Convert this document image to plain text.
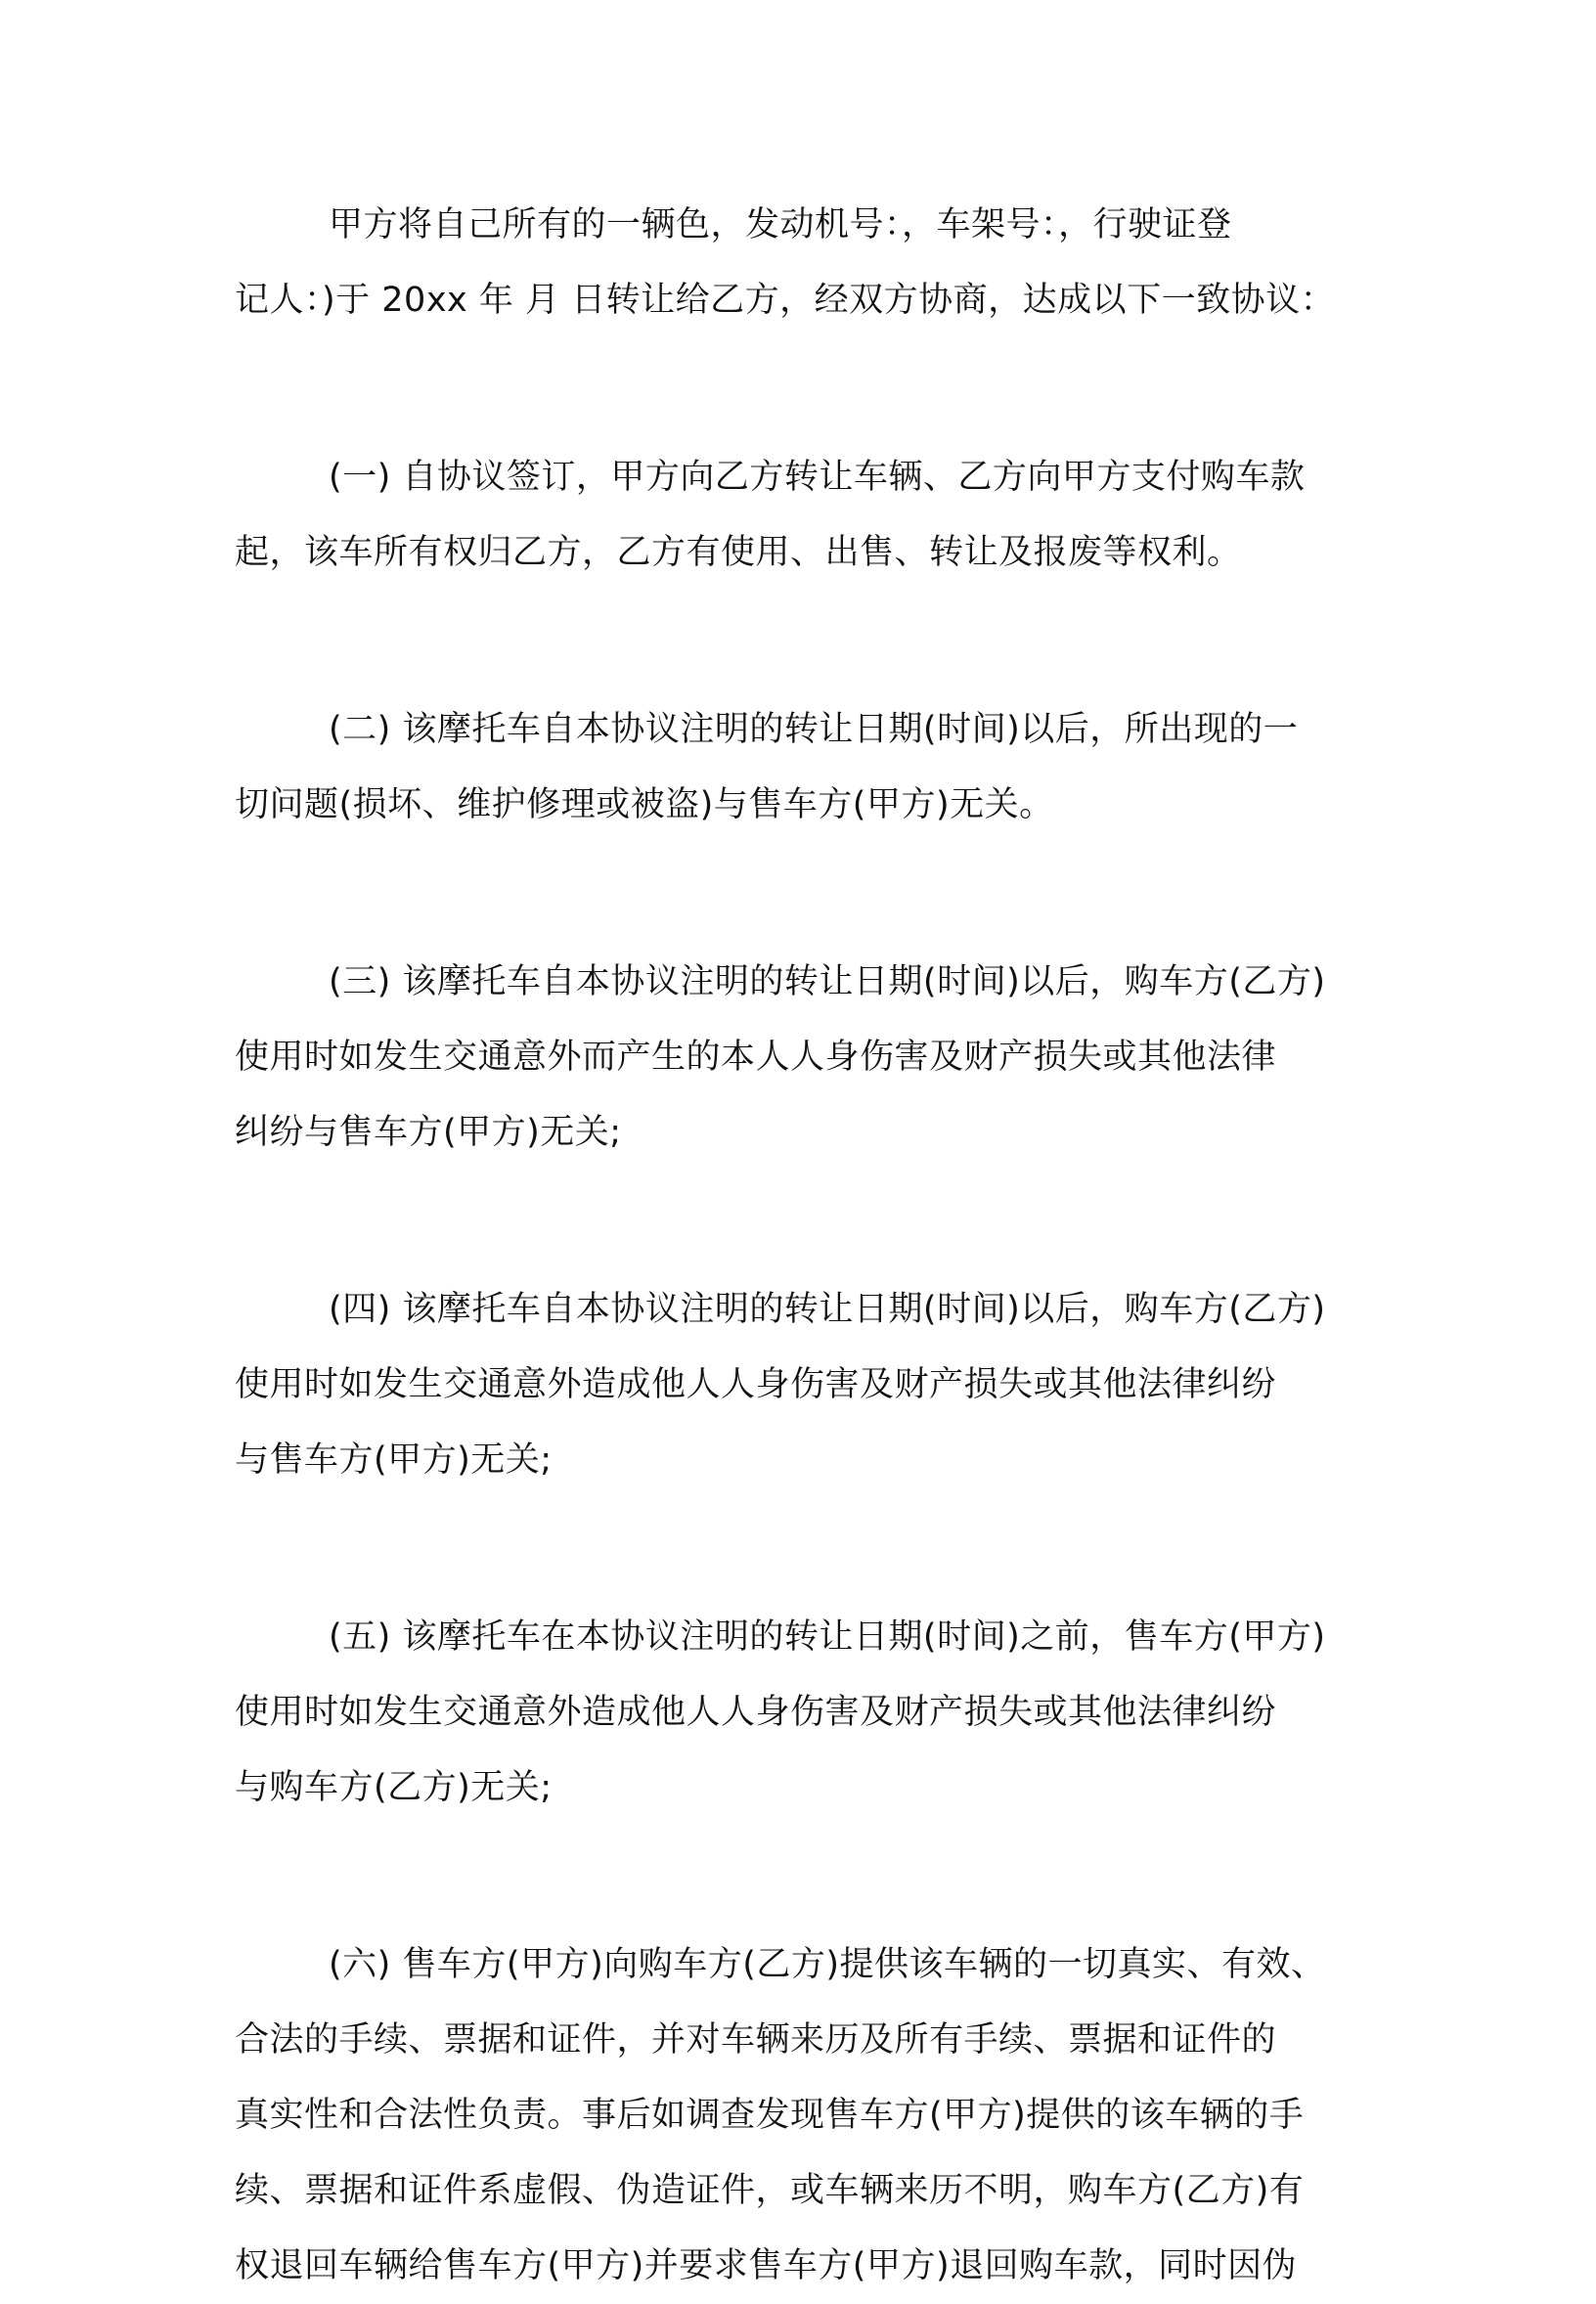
甲方将自己所有的一辆色，发动机号：，车架号：，行驶证登
记人：)于 20xx 年 月 日转让给乙方，经双方协商，达成以下一致协议：
(一) 自协议签订，甲方向乙方转让车辆、乙方向甲方支付购车款
起，该车所有权归乙方，乙方有使用、出售、转让及报废等权利。
(二) 该摩托车自本协议注明的转让日期(时间)以后，所出现的一
切问题(损坏、维护修理或被盗)与售车方(甲方)无关。
(三) 该摩托车自本协议注明的转让日期(时间)以后，购车方(乙方)
使用时如发生交通意外而产生的本人人身伤害及财产损失或其他法律
纠纷与售车方(甲方)无关;
(四) 该摩托车自本协议注明的转让日期(时间)以后，购车方(乙方)
使用时如发生交通意外造成他人人身伤害及财产损失或其他法律纠纷
与售车方(甲方)无关;
(五) 该摩托车在本协议注明的转让日期(时间)之前，售车方(甲方)
使用时如发生交通意外造成他人人身伤害及财产损失或其他法律纠纷
与购车方(乙方)无关;
(六) 售车方(甲方)向购车方(乙方)提供该车辆的一切真实、有效、
合法的手续、票据和证件，并对车辆来历及所有手续、票据和证件的
真实性和合法性负责。事后如调查发现售车方(甲方)提供的该车辆的手
续、票据和证件系虚假、伪造证件，或车辆来历不明，购车方(乙方)有
权退回车辆给售车方(甲方)并要求售车方(甲方)退回购车款，同时因伪
